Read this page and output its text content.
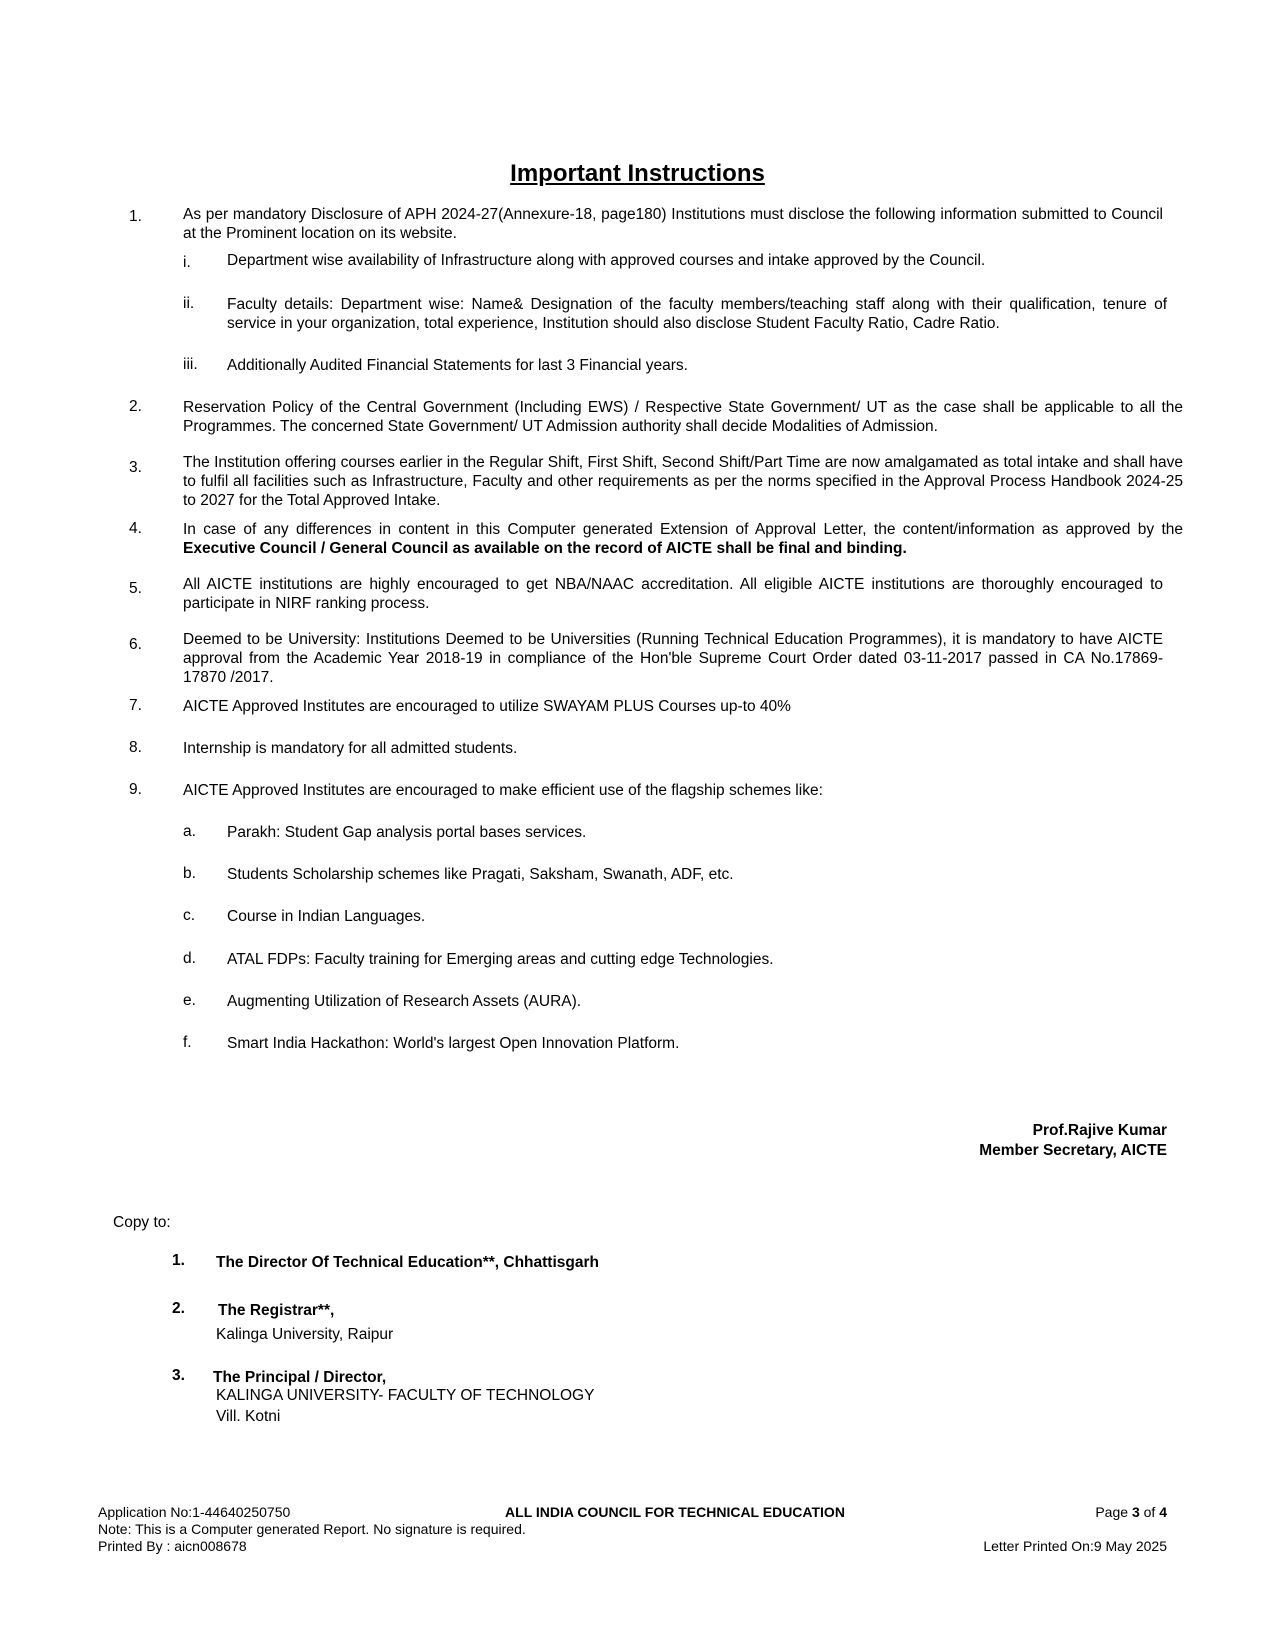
Important Instructions
1.	As per mandatory Disclosure of APH 2024-27(Annexure-18, page180) Institutions must disclose the following information submitted to Council at the Prominent location on its website.
i.	Department wise availability of Infrastructure along with approved courses and intake approved by the Council.
ii.	Faculty details: Department wise: Name& Designation of the faculty members/teaching staff along with their qualification, tenure of service in your organization, total experience, Institution should also disclose Student Faculty Ratio, Cadre Ratio.
iii.	Additionally Audited Financial Statements for last 3 Financial years.
2.	Reservation Policy of the Central Government (Including EWS) / Respective State Government/ UT as the case shall be applicable to all the Programmes. The concerned State Government/ UT Admission authority shall decide Modalities of Admission.
3.	The Institution offering courses earlier in the Regular Shift, First Shift, Second Shift/Part Time are now amalgamated as total intake and shall have to fulfil all facilities such as Infrastructure, Faculty and other requirements as per the norms specified in the Approval Process Handbook 2024-25 to 2027 for the Total Approved Intake.
4.	In case of any differences in content in this Computer generated Extension of Approval Letter, the content/information as approved by the Executive Council / General Council as available on the record of AICTE shall be final and binding.
5.	All AICTE institutions are highly encouraged to get NBA/NAAC accreditation. All eligible AICTE institutions are thoroughly encouraged to participate in NIRF ranking process.
6.	Deemed to be University: Institutions Deemed to be Universities (Running Technical Education Programmes), it is mandatory to have AICTE approval from the Academic Year 2018-19 in compliance of the Hon'ble Supreme Court Order dated 03-11-2017 passed in CA No.17869- 17870 /2017.
7.	AICTE Approved Institutes are encouraged to utilize SWAYAM PLUS Courses up-to 40%
8.	Internship is mandatory for all admitted students.
9.	AICTE Approved Institutes are encouraged to make efficient use of the flagship schemes like:
a.	Parakh: Student Gap analysis portal bases services.
b.	Students Scholarship schemes like Pragati, Saksham, Swanath, ADF, etc.
c.	Course in Indian Languages.
d.	ATAL FDPs: Faculty training for Emerging areas and cutting edge Technologies.
e.	Augmenting Utilization of Research Assets (AURA).
f.	Smart India Hackathon: World's largest Open Innovation Platform.
Prof.Rajive Kumar
Member Secretary, AICTE
Copy to:
1. The Director Of Technical Education**, Chhattisgarh
2. The Registrar**,
Kalinga University, Raipur
3. The Principal / Director,
KALINGA UNIVERSITY- FACULTY OF TECHNOLOGY
Vill. Kotni
Application No:1-44640250750
Note: This is a Computer generated Report. No signature is required.
Printed By : aicn008678
ALL INDIA COUNCIL FOR TECHNICAL EDUCATION	Page 3 of 4
Letter Printed On:9 May 2025
